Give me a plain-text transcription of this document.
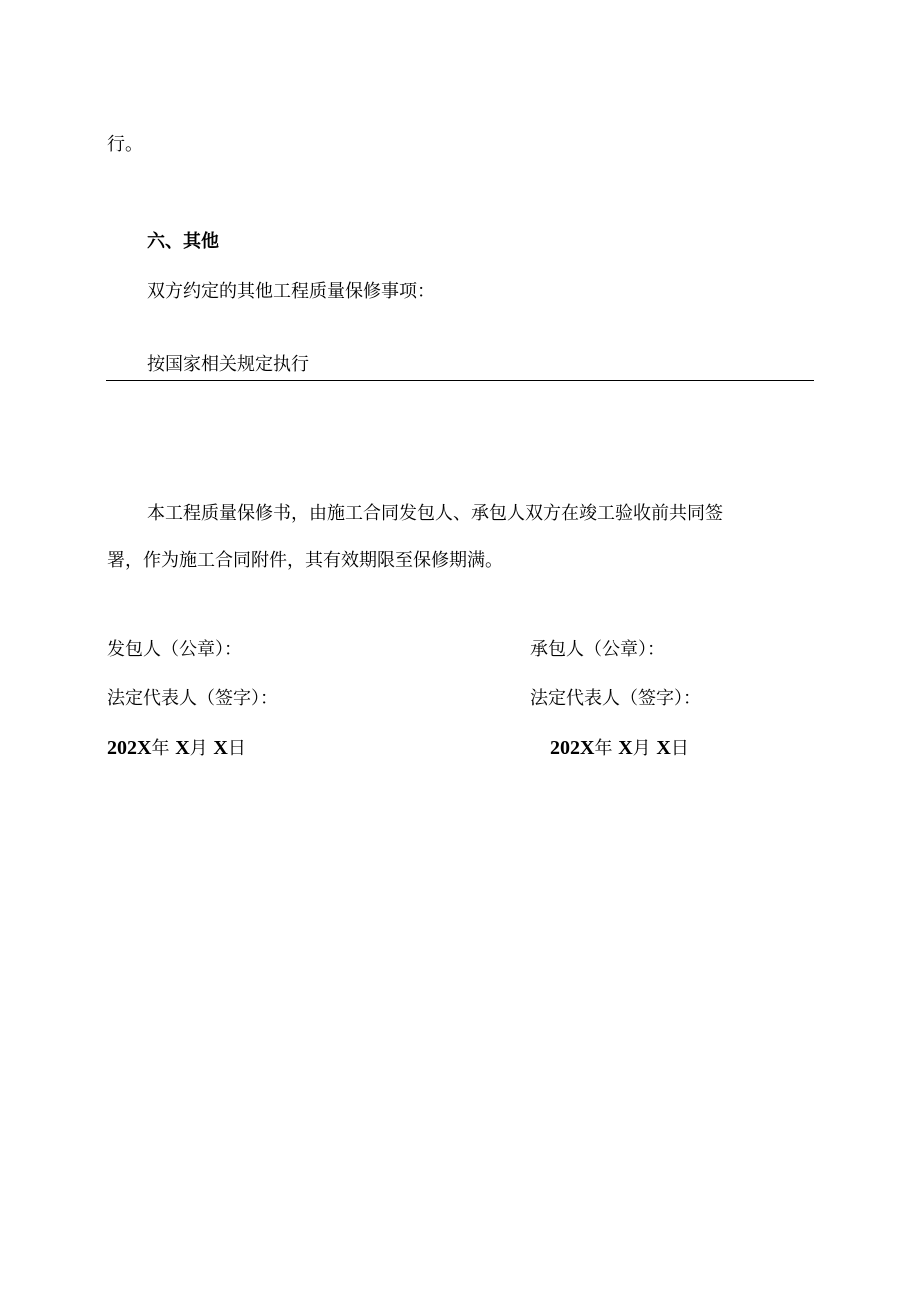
行。
六、其他
双方约定的其他工程质量保修事项：
按国家相关规定执行
本工程质量保修书，由施工合同发包人、承包人双方在竣工验收前共同签
署，作为施工合同附件，其有效期限至保修期满。
发包人（公章）：
法定代表人（签字）：
202X年 X月 X日
承包人（公章）：
法定代表人（签字）：
202X年 X月 X日
